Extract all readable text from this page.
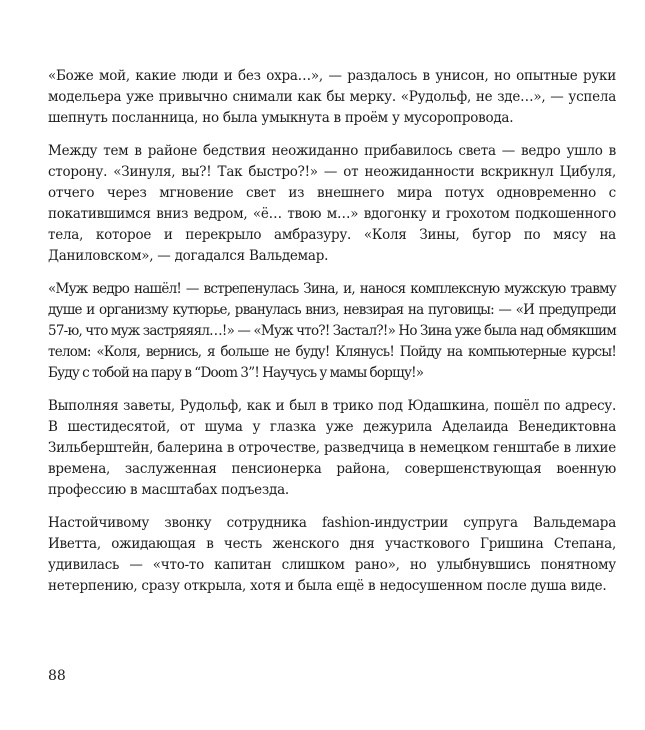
«Боже мой, какие люди и без охра…», — раздалось в унисон, но опытные руки модельера уже привычно снимали как бы мерку. «Рудольф, не зде…», — успела шепнуть посланница, но была умыкнута в проём у мусоропровода.

Между тем в районе бедствия неожиданно прибавилось света — ведро ушло в сторону. «Зинуля, вы?! Так быстро?!» — от неожиданности вскрикнул Цибуля, отчего через мгновение свет из внешнего мира потух одновременно с покатившимся вниз ведром, «ё… твою м…» вдогонку и грохотом подкошенного тела, которое и перекрыло амбразуру. «Коля Зины, бугор по мясу на Даниловском», — догадался Вальдемар.

«Муж ведро нашёл! — встрепенулась Зина, и, нанося комплексную мужскую травму душе и организму кутюрье, рванулась вниз, невзирая на пуговицы: — «И предупреди 57-ю, что муж застряяял…!» — «Муж что?! Застал?!» Но Зина уже была над обмякшим телом: «Коля, вернись, я больше не буду! Клянусь! Пойду на компьютерные курсы! Буду с тобой на пару в “Doom 3”! Научусь у мамы борщу!»

Выполняя заветы, Рудольф, как и был в трико под Юдашкина, пошёл по адресу. В шестидесятой, от шума у глазка уже дежурила Аделаида Венедиктовна Зильберштейн, балерина в отрочестве, разведчица в немецком генштабе в лихие времена, заслуженная пенсионерка района, совершенствующая военную профессию в масштабах подъезда.

Настойчивому звонку сотрудника fashion-индустрии супруга Вальдемара Иветта, ожидающая в честь женского дня участкового Гришина Степана, удивилась — «что-то капитан слишком рано», но улыбнувшись понятному нетерпению, сразу открыла, хотя и была ещё в недосушенном после душа виде.

88
